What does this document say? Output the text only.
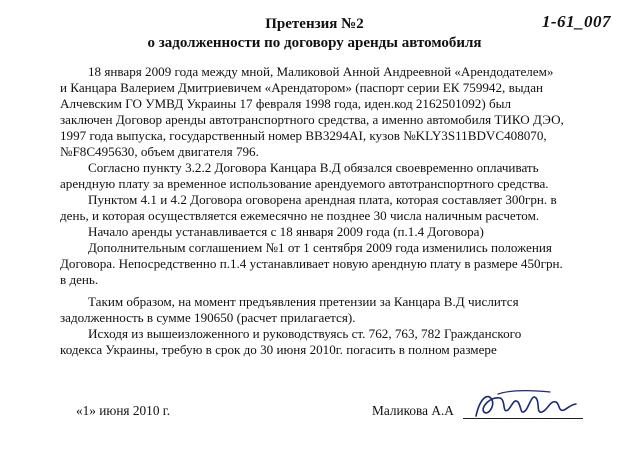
1-61_007
Претензия №2
о задолженности по договору аренды автомобиля
18 января 2009 года между мной, Маликовой Анной Андреевной «Арендодателем»
и Канцара Валерием Дмитриевичем «Арендатором» (паспорт серии ЕК 759942, выдан
Алчевским ГО УМВД Украины 17 февраля 1998 года, иден.код 2162501092) был
заключен Договор аренды автотранспортного средства, а именно автомобиля ТИКО ДЭО,
1997 года выпуска, государственный номер ВВ3294АІ, кузов №KLY3S11BDVC408070,
№F8C495630, объем двигателя 796.
Согласно пункту 3.2.2 Договора Канцара В.Д обязался своевременно оплачивать
арендную плату за временное использование арендуемого автотранспортного средства.
Пунктом 4.1 и 4.2 Договора оговорена арендная плата, которая составляет 300грн. в
день, и которая осуществляется ежемесячно не позднее 30 числа наличным расчетом.
Начало аренды устанавливается с 18 января 2009 года (п.1.4 Договора)
Дополнительным соглашением №1 от 1 сентября 2009 года изменились положения
Договора. Непосредственно п.1.4 устанавливает новую арендную плату в размере 450грн.
в день.
Таким образом, на момент предъявления претензии за Канцара В.Д числится
задолженность в сумме 190650 (расчет прилагается).
Исходя из вышеизложенного и руководствуясь ст. 762, 763, 782 Гражданского
кодекса Украины, требую в срок до 30 июня 2010г. погасить в полном размере
«1» июня 2010 г.	Маликова А.А
